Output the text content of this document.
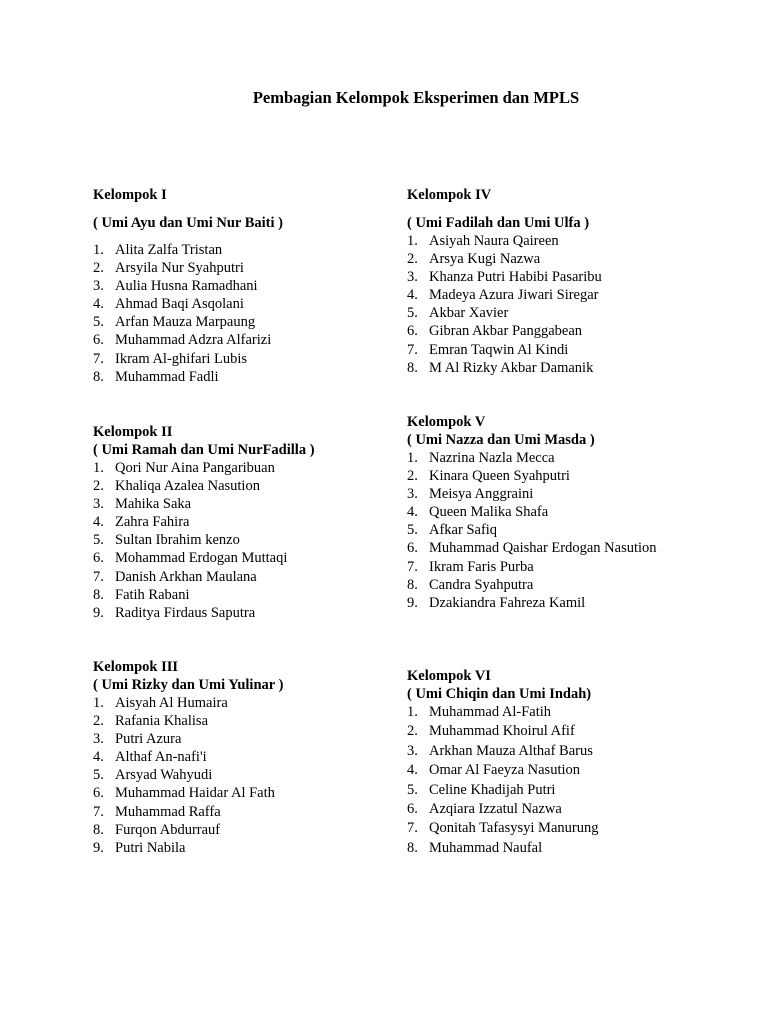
Pembagian Kelompok Eksperimen dan MPLS

Kelompok I

( Umi Ayu dan Umi Nur Baiti )

1. Alita Zalfa Tristan
2. Arsyila Nur Syahputri
3. Aulia Husna Ramadhani
4. Ahmad Baqi Asqolani
5. Arfan Mauza Marpaung
6. Muhammad Adzra Alfarizi
7. Ikram Al-ghifari Lubis
8. Muhammad Fadli

Kelompok II

( Umi Ramah dan Umi NurFadilla )

1. Qori Nur Aina Pangaribuan
2. Khaliqa Azalea Nasution
3. Mahika Saka
4. Zahra Fahira
5. Sultan Ibrahim kenzo
6. Mohammad Erdogan Muttaqi
7. Danish Arkhan Maulana
8. Fatih Rabani
9. Raditya Firdaus Saputra

Kelompok III

( Umi Rizky dan Umi Yulinar )

1. Aisyah Al Humaira
2. Rafania Khalisa
3. Putri Azura
4. Althaf An-nafi'i
5. Arsyad Wahyudi
6. Muhammad Haidar Al Fath
7. Muhammad Raffa
8. Furqon Abdurrauf
9. Putri Nabila

Kelompok IV

( Umi Fadilah dan Umi Ulfa )

1. Asiyah Naura Qaireen
2. Arsya Kugi Nazwa
3. Khanza Putri Habibi Pasaribu
4. Madeya Azura Jiwari Siregar
5. Akbar Xavier
6. Gibran Akbar Panggabean
7. Emran Taqwin Al Kindi
8. M Al Rizky Akbar Damanik

Kelompok V

( Umi Nazza dan Umi Masda )

1. Nazrina Nazla Mecca
2. Kinara Queen Syahputri
3. Meisya Anggraini
4. Queen Malika Shafa
5. Afkar Safiq
6. Muhammad Qaishar Erdogan Nasution
7. Ikram Faris Purba
8. Candra Syahputra
9. Dzakiandra Fahreza Kamil

Kelompok VI

( Umi Chiqin dan Umi Indah)

1. Muhammad Al-Fatih
2. Muhammad Khoirul Afif
3. Arkhan Mauza Althaf Barus
4. Omar Al Faeyza Nasution
5. Celine Khadijah Putri
6. Azqiara Izzatul Nazwa
7. Qonitah Tafasysyi Manurung
8. Muhammad Naufal
